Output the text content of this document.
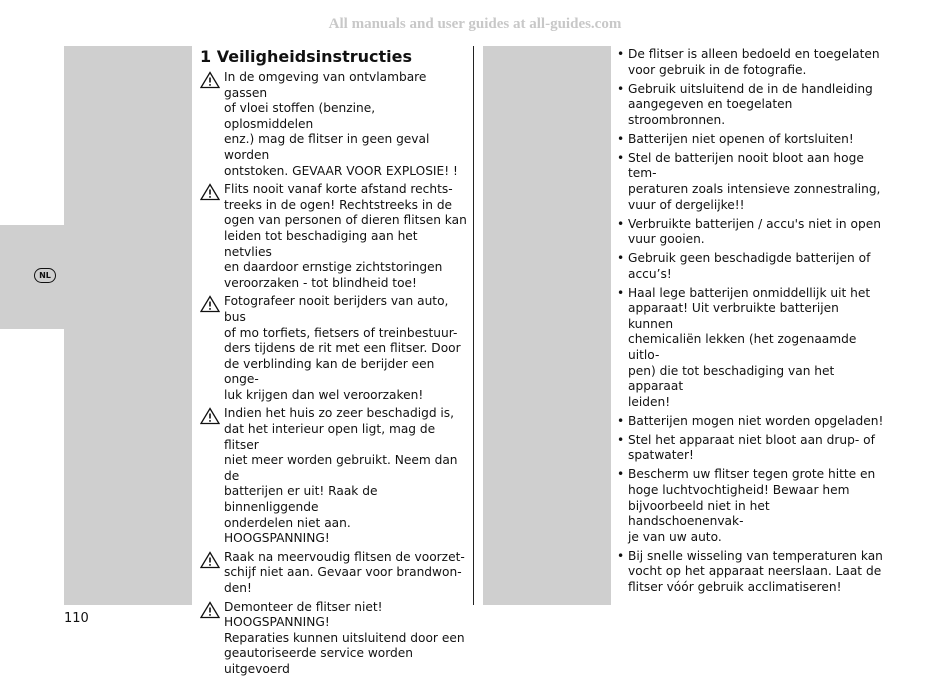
All manuals and user guides at all-guides.com
NL
1 Veiligheidsinstructies

In de omgeving van ontvlambare gassen
of vloei stoffen (benzine, oplosmiddelen
enz.) mag de flitser in geen geval worden
ontstoken. GEVAAR VOOR EXPLOSIE! !

Flits nooit vanaf korte afstand rechts-
treeks in de ogen! Rechtstreeks in de
ogen van personen of dieren flitsen kan
leiden tot beschadiging aan het netvlies
en daardoor ernstige zichtstoringen
veroorzaken - tot blindheid toe!

Fotografeer nooit berijders van auto, bus
of mo torfiets, fietsers of treinbestuur-
ders tijdens de rit met een flitser. Door
de verblinding kan de berijder een onge-
luk krijgen dan wel veroorzaken!

Indien het huis zo zeer beschadigd is,
dat het interieur open ligt, mag de flitser
niet meer worden gebruikt. Neem dan de
batterijen er uit! Raak de binnenliggende
onderdelen niet aan.
HOOGSPANNING!

Raak na meervoudig flitsen de voorzet-
schijf niet aan. Gevaar voor brandwon-
den!

Demonteer de flitser niet!
HOOGSPANNING!
Reparaties kunnen uitsluitend door een
geautoriseerde service worden
uitgevoerd

• De flitser is alleen bedoeld en toegelaten
voor gebruik in de fotografie.
• Gebruik uitsluitend de in de handleiding
aangegeven en toegelaten stroombronnen.
• Batterijen niet openen of kortsluiten!
• Stel de batterijen nooit bloot aan hoge tem-
peraturen zoals intensieve zonnestraling,
vuur of dergelijke!!
• Verbruikte batterijen / accu's niet in open
vuur gooien.
• Gebruik geen beschadigde batterijen of
accu’s!
• Haal lege batterijen onmiddellijk uit het
apparaat! Uit verbruikte batterijen kunnen
chemicaliën lekken (het zogenaamde uitlo-
pen) die tot beschadiging van het apparaat
leiden!
• Batterijen mogen niet worden opgeladen!
• Stel het apparaat niet bloot aan drup- of
spatwater!
• Bescherm uw flitser tegen grote hitte en
hoge luchtvochtigheid! Bewaar hem
bijvoorbeeld niet in het handschoenenvak-
je van uw auto.
• Bij snelle wisseling van temperaturen kan
vocht op het apparaat neerslaan. Laat de
flitser vóór gebruik acclimatiseren!
110
